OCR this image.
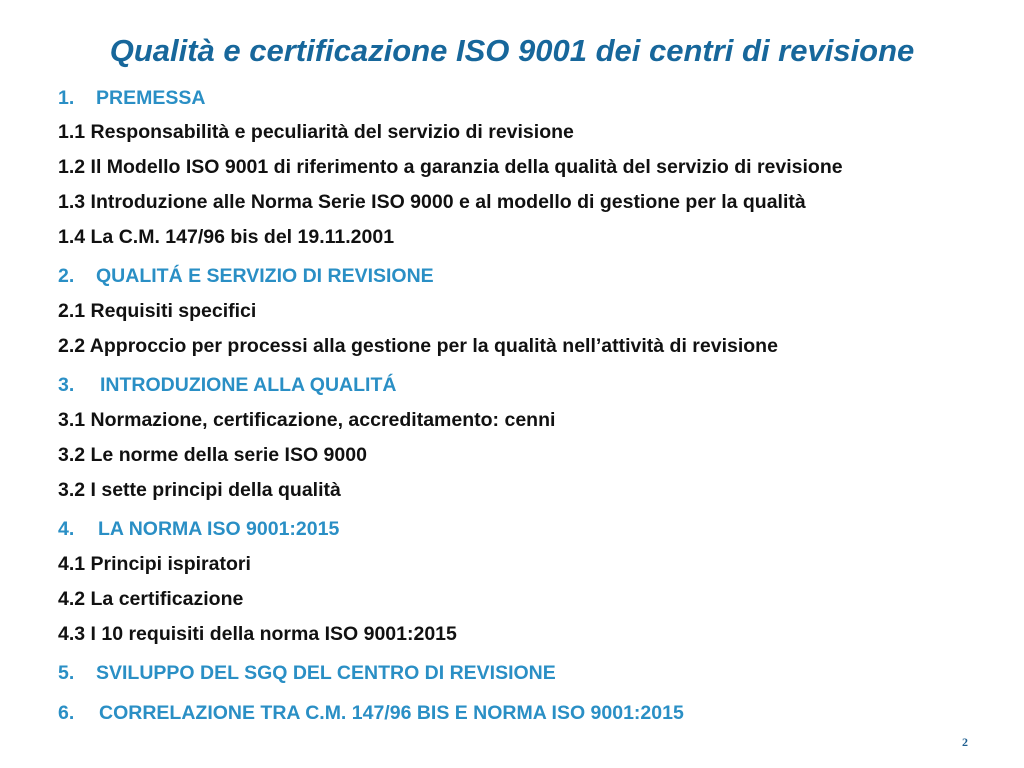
Qualità e certificazione ISO 9001 dei centri di revisione
1. PREMESSA
1.1 Responsabilità e peculiarità del servizio di revisione
1.2 Il Modello ISO 9001 di riferimento a garanzia della qualità del servizio di revisione
1.3 Introduzione alle Norma Serie ISO 9000 e al modello di gestione per la qualità
1.4 La C.M. 147/96 bis del 19.11.2001
2. QUALITÁ E SERVIZIO DI REVISIONE
2.1 Requisiti specifici
2.2 Approccio per processi alla gestione per la qualità nell’attività di revisione
3. INTRODUZIONE ALLA QUALITÁ
3.1 Normazione, certificazione, accreditamento: cenni
3.2 Le norme della serie ISO 9000
3.2 I sette principi della qualità
4. LA NORMA ISO 9001:2015
4.1 Principi ispiratori
4.2 La certificazione
4.3 I 10 requisiti della norma ISO 9001:2015
5. SVILUPPO DEL SGQ DEL CENTRO DI REVISIONE
6. CORRELAZIONE TRA C.M. 147/96 BIS E NORMA ISO 9001:2015
2
